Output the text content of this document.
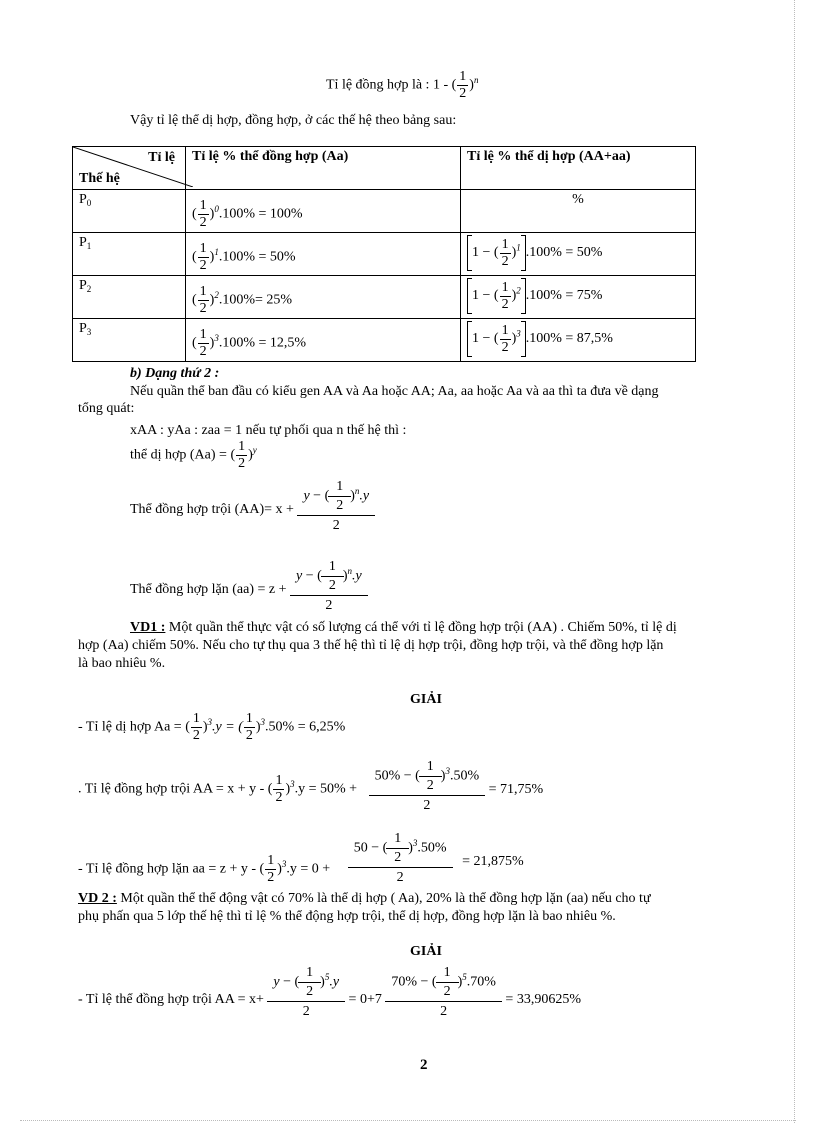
Tỉ lệ đồng hợp là : 1 - ( $\frac{1}{2} )^n$
Vậy tỉ lệ thể dị hợp, đồng hợp, ở các thế hệ theo bảng sau:
Tỉ lệ
Thế hệ	Tỉ lệ % thể đồng hợp (Aa)	Tỉ lệ % thể dị hợp (AA+aa)
$P_0$	( $\frac{1}{2} )^0.100\% = 100\%$	%
$P_1$	( $\frac{1}{2} )^1.100\% = 50\%$	1 − ( $\frac{1}{2} )^1$ .100% = 50%
$P_2$	( $\frac{1}{2} )^2.100\%= 25\%$	1 − ( $\frac{1}{2} )^2$ .100% = 75%
$P_3$	( $\frac{1}{2} )^3.100\% = 12,5\%$	1 − ( $\frac{1}{2} )^3$ .100% = 87,5%
b) Dạng thứ 2 :
Nếu quần thể ban đầu có kiểu gen AA và Aa hoặc AA; Aa, aa hoặc Aa và aa thì ta đưa về dạng
tổng quát:
xAA : yAa : zaa = 1 nếu tự phối qua n thế hệ thì :
thể dị hợp (Aa) = ( $\frac{1}{2} )^y$
Thể đồng hợp trội $(AA)= x + \frac{y - ( \frac{1}{2} )^n.y}{2}$
Thể đồng hợp lặn $(aa) = z + \frac{y - ( \frac{1}{2} )^n.y}{2}$
VD1 : Một quần thể thực vật có số lượng cá thể với tỉ lệ đồng hợp trội (AA) . Chiếm 50%, tỉ lệ dị
hợp (Aa) chiếm 50%. Nếu cho tự thụ qua 3 thế hệ thì tỉ lệ dị hợp trội, đồng hợp trội, và thể đồng hợp lặn
là bao nhiêu %.
GIẢI
- Tỉ lệ dị hợp Aa = ( $\frac{1}{2} )^3.y$ = ( $\frac{1}{2} )^3.50\% = 6,25\%$
. Tỉ lệ đồng hợp trội AA = x + y - ( $\frac{1}{2} )^3.y = 50\% + \frac{50\% - ( \frac{1}{2} )^3.50\%}{2} = 71,75\%$
- Tỉ lệ đồng hợp lặn aa = z + y - ( $\frac{1}{2} )^3.y = 0 + \frac{50 - ( \frac{1}{2} )^3.50\%}{2} = 21,875\%$
VD 2 : Một quần thể thể động vật có 70% là thể dị hợp ( Aa), 20% là thể đồng hợp lặn (aa) nếu cho tự
phụ phấn qua 5 lớp thế hệ thì tỉ lệ % thể động hợp trội, thể dị hợp, đồng hợp lặn là bao nhiêu %.
GIẢI
- Tỉ lệ thể đồng hợp trội AA = $x+ \frac{y - ( \frac{1}{2} )^5.y}{2} = 0+7 \frac{70\% - ( \frac{1}{2} )^5.70\%}{2} = 33,90625\%$
2
